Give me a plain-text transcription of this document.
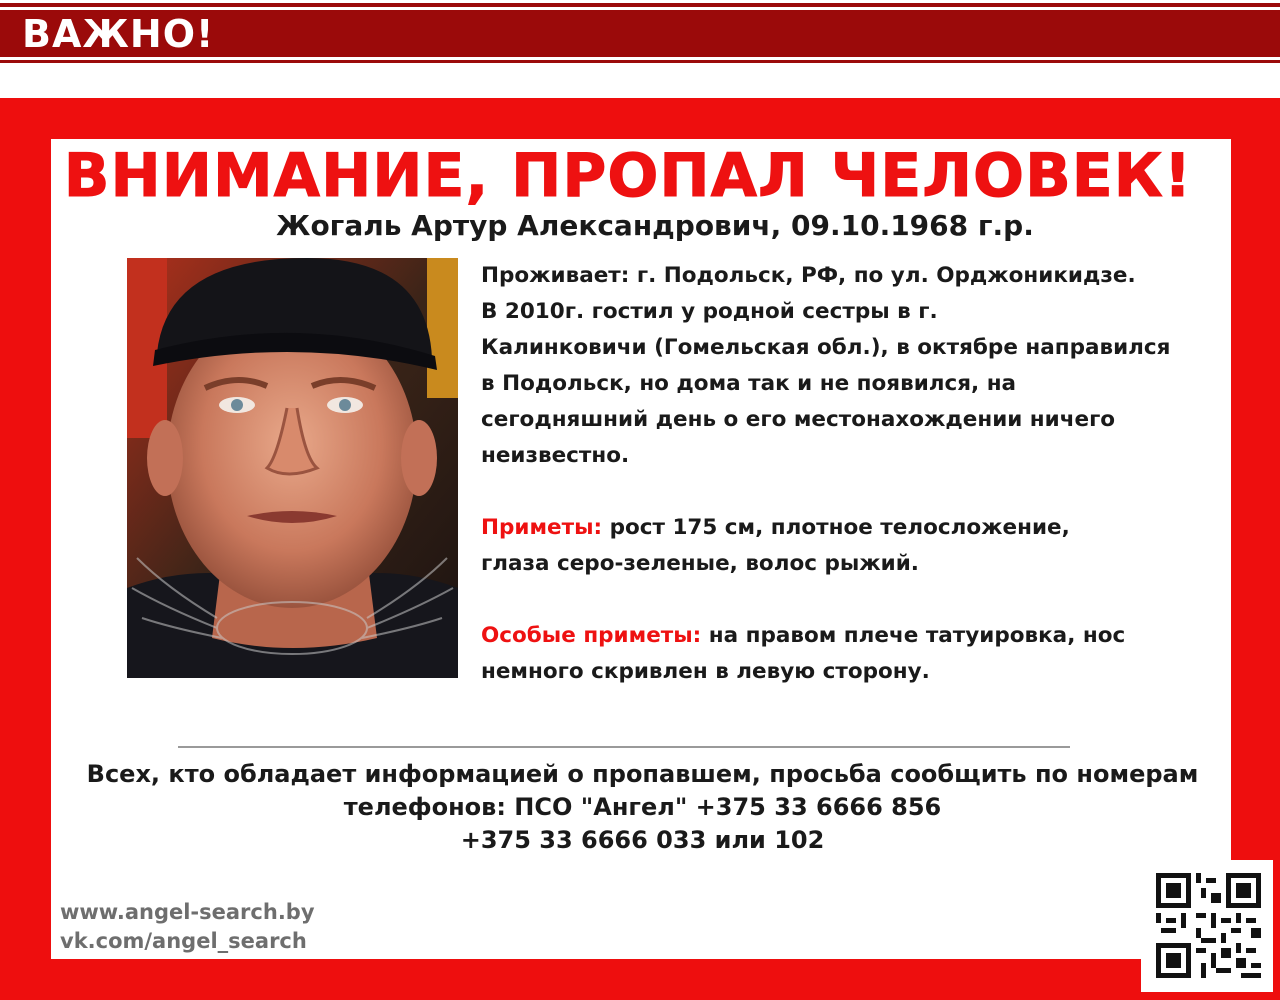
ВАЖНО!
ВНИМАНИЕ, ПРОПАЛ ЧЕЛОВЕК!
Жогаль Артур Александрович, 09.10.1968 г.р.

Проживает: г. Подольск, РФ, по ул. Орджоникидзе.

В 2010г. гостил у родной сестры в г.

Калинковичи (Гомельская обл.), в октябре направился

в Подольск, но дома так и не появился, на

сегодняшний день о его местонахождении ничего

неизвестно.

Приметы: рост 175 см, плотное телосложение,

глаза серо-зеленые, волос рыжий.

Особые приметы: на правом плече татуировка, нос

немного скривлен в левую сторону.

Всех, кто обладает информацией о пропавшем, просьба сообщить по номерам
телефонов: ПСО "Ангел" +375 33 6666 856
+375 33 6666 033 или 102
www.angel-search.by
vk.com/angel_search
